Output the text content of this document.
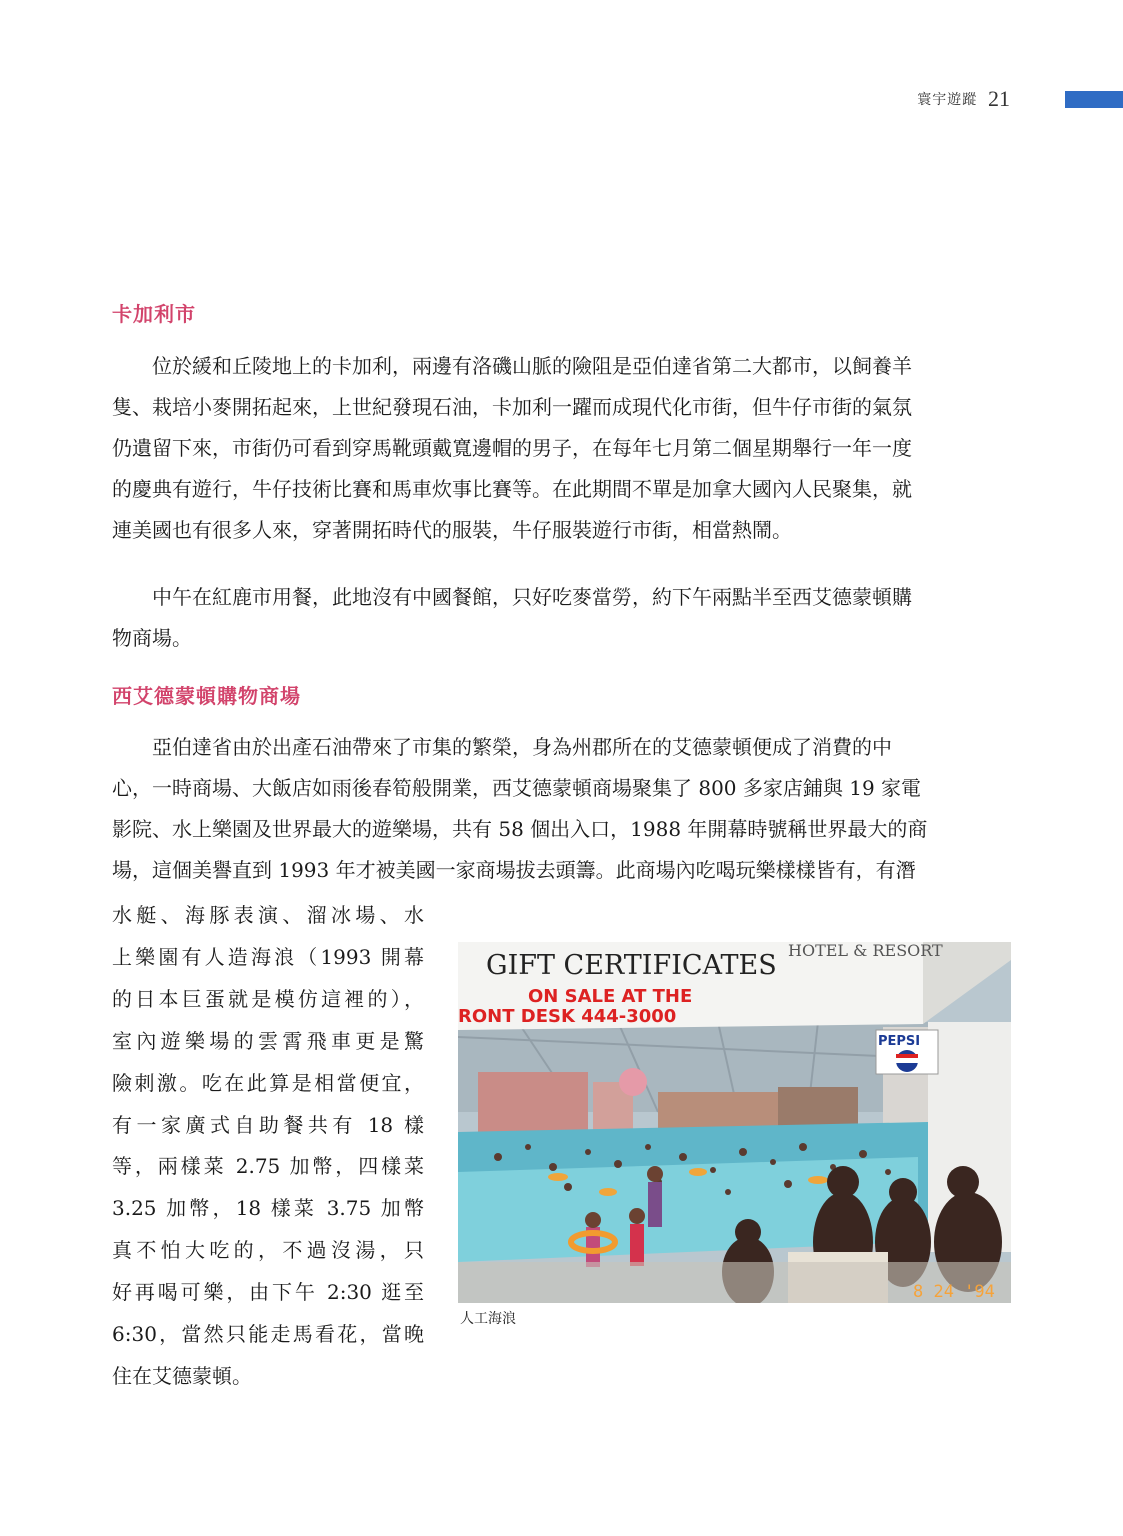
寰宇遊蹤 21
卡加利市
位於緩和丘陵地上的卡加利，兩邊有洛磯山脈的險阻是亞伯達省第二大都市，以飼養羊
隻、栽培小麥開拓起來，上世紀發現石油，卡加利一躍而成現代化市街，但牛仔市街的氣氛
仍遺留下來，市街仍可看到穿馬靴頭戴寬邊帽的男子，在每年七月第二個星期舉行一年一度
的慶典有遊行，牛仔技術比賽和馬車炊事比賽等。在此期間不單是加拿大國內人民聚集，就
連美國也有很多人來，穿著開拓時代的服裝，牛仔服裝遊行市街，相當熱鬧。
中午在紅鹿市用餐，此地沒有中國餐館，只好吃麥當勞，約下午兩點半至西艾德蒙頓購
物商場。
西艾德蒙頓購物商場
亞伯達省由於出產石油帶來了市集的繁榮，身為州郡所在的艾德蒙頓便成了消費的中
心，一時商場、大飯店如雨後春筍般開業，西艾德蒙頓商場聚集了 800 多家店鋪與 19 家電
影院、水上樂園及世界最大的遊樂場，共有 58 個出入口，1988 年開幕時號稱世界最大的商
場，這個美譽直到 1993 年才被美國一家商場拔去頭籌。此商場內吃喝玩樂樣樣皆有，有潛
水艇、海豚表演、溜冰場、水
上樂園有人造海浪（1993 開幕
的日本巨蛋就是模仿這裡的），
室內遊樂場的雲霄飛車更是驚
險刺激。吃在此算是相當便宜，
有一家廣式自助餐共有 18 樣
等，兩樣菜 2.75 加幣，四樣菜
3.25 加幣，18 樣菜 3.75 加幣
真不怕大吃的，不過沒湯，只
好再喝可樂，由下午 2:30 逛至
6:30，當然只能走馬看花，當晚
住在艾德蒙頓。
HOTEL & RESORT
GIFT CERTIFICATES
ON SALE AT THE
RONT DESK 444-3000
PEPSI
8 24 '94
人工海浪
